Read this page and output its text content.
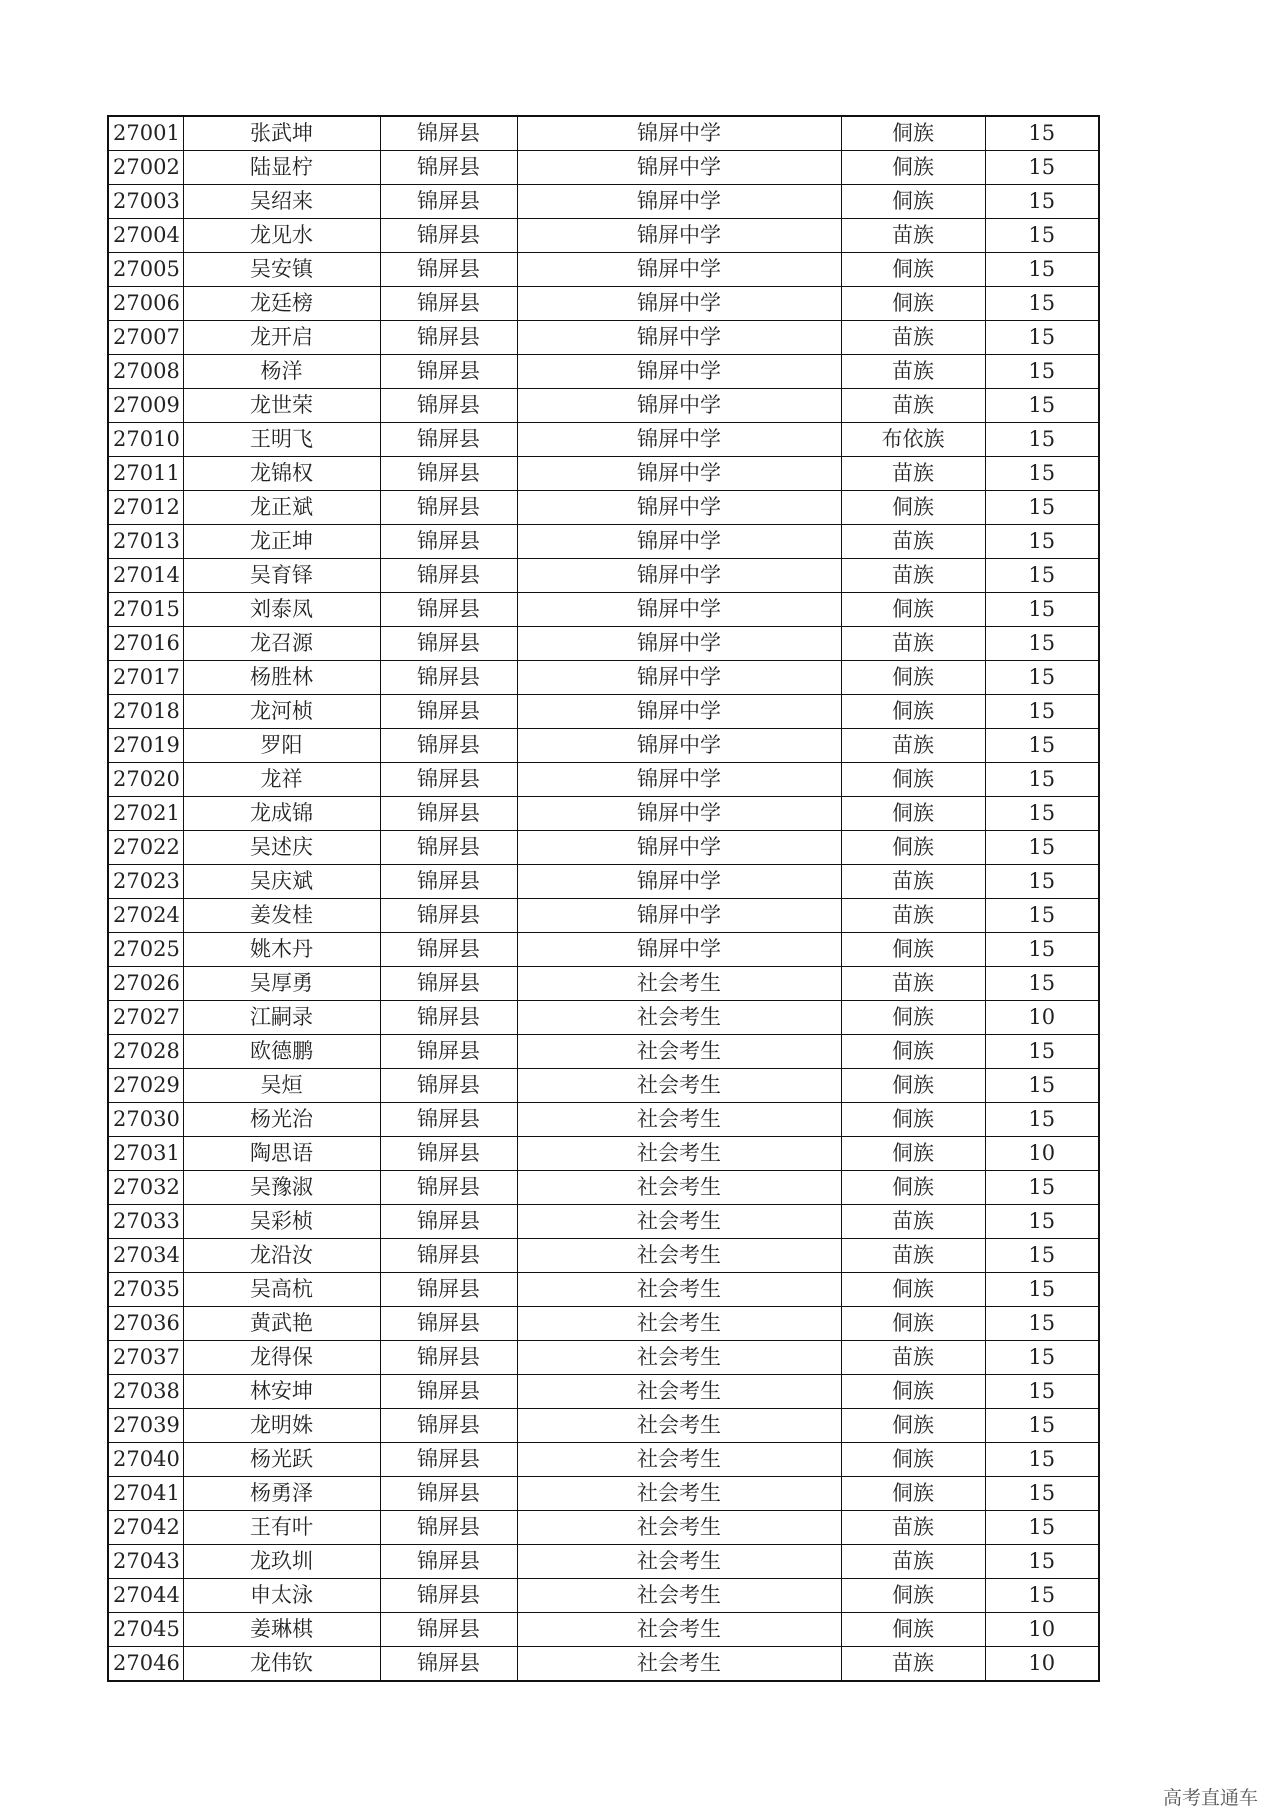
27001	张武坤	锦屏县	锦屏中学	侗族	15
27002	陆显柠	锦屏县	锦屏中学	侗族	15
27003	吴绍来	锦屏县	锦屏中学	侗族	15
27004	龙见水	锦屏县	锦屏中学	苗族	15
27005	吴安镇	锦屏县	锦屏中学	侗族	15
27006	龙廷榜	锦屏县	锦屏中学	侗族	15
27007	龙开启	锦屏县	锦屏中学	苗族	15
27008	杨洋	锦屏县	锦屏中学	苗族	15
27009	龙世荣	锦屏县	锦屏中学	苗族	15
27010	王明飞	锦屏县	锦屏中学	布依族	15
27011	龙锦权	锦屏县	锦屏中学	苗族	15
27012	龙正斌	锦屏县	锦屏中学	侗族	15
27013	龙正坤	锦屏县	锦屏中学	苗族	15
27014	吴育铎	锦屏县	锦屏中学	苗族	15
27015	刘泰凤	锦屏县	锦屏中学	侗族	15
27016	龙召源	锦屏县	锦屏中学	苗族	15
27017	杨胜林	锦屏县	锦屏中学	侗族	15
27018	龙河桢	锦屏县	锦屏中学	侗族	15
27019	罗阳	锦屏县	锦屏中学	苗族	15
27020	龙祥	锦屏县	锦屏中学	侗族	15
27021	龙成锦	锦屏县	锦屏中学	侗族	15
27022	吴述庆	锦屏县	锦屏中学	侗族	15
27023	吴庆斌	锦屏县	锦屏中学	苗族	15
27024	姜发桂	锦屏县	锦屏中学	苗族	15
27025	姚木丹	锦屏县	锦屏中学	侗族	15
27026	吴厚勇	锦屏县	社会考生	苗族	15
27027	江嗣录	锦屏县	社会考生	侗族	10
27028	欧德鹏	锦屏县	社会考生	侗族	15
27029	吴烜	锦屏县	社会考生	侗族	15
27030	杨光治	锦屏县	社会考生	侗族	15
27031	陶思语	锦屏县	社会考生	侗族	10
27032	吴豫淑	锦屏县	社会考生	侗族	15
27033	吴彩桢	锦屏县	社会考生	苗族	15
27034	龙沿汝	锦屏县	社会考生	苗族	15
27035	吴高杭	锦屏县	社会考生	侗族	15
27036	黄武艳	锦屏县	社会考生	侗族	15
27037	龙得保	锦屏县	社会考生	苗族	15
27038	林安坤	锦屏县	社会考生	侗族	15
27039	龙明姝	锦屏县	社会考生	侗族	15
27040	杨光跃	锦屏县	社会考生	侗族	15
27041	杨勇泽	锦屏县	社会考生	侗族	15
27042	王有叶	锦屏县	社会考生	苗族	15
27043	龙玖圳	锦屏县	社会考生	苗族	15
27044	申太泳	锦屏县	社会考生	侗族	15
27045	姜琳棋	锦屏县	社会考生	侗族	10
27046	龙伟钦	锦屏县	社会考生	苗族	10
高考直通车
